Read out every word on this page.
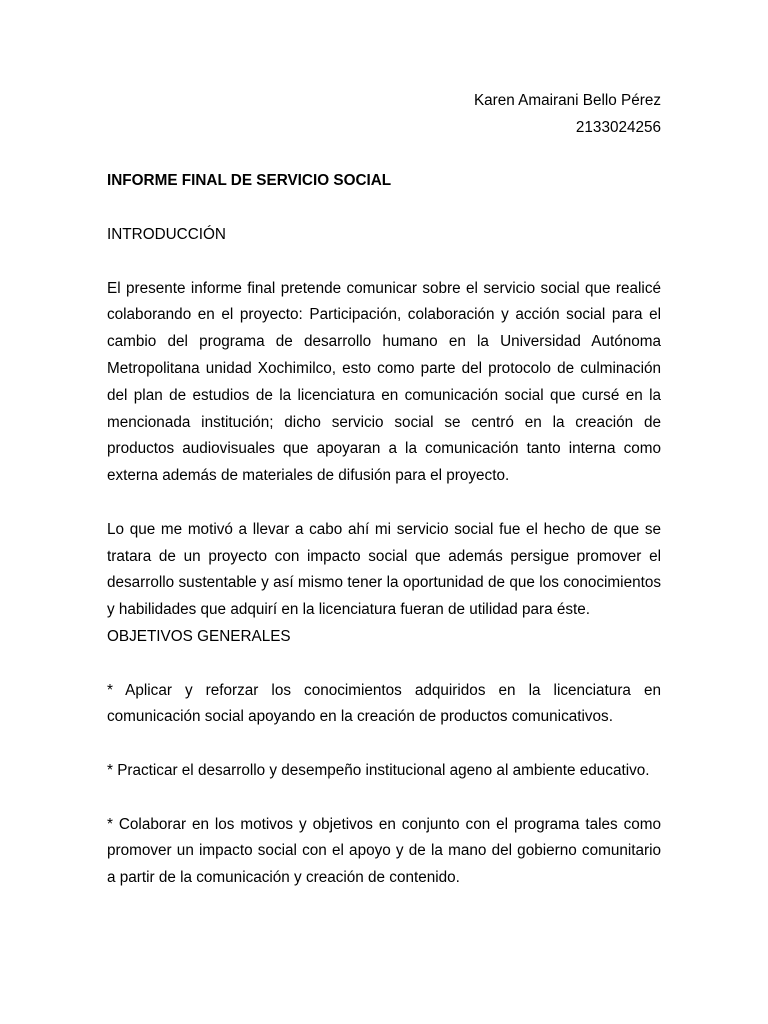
Karen Amairani Bello Pérez
2133024256
INFORME FINAL DE SERVICIO SOCIAL
INTRODUCCIÓN
El presente informe final pretende comunicar sobre el servicio social que realicé colaborando en el proyecto: Participación, colaboración y acción social para el cambio del programa de desarrollo humano en la Universidad Autónoma Metropolitana unidad Xochimilco, esto como parte del protocolo de culminación del plan de estudios de la licenciatura en comunicación social que cursé en la mencionada institución; dicho servicio social se centró en la creación de productos audiovisuales que apoyaran a la comunicación tanto interna como externa además de materiales de difusión para el proyecto.
Lo que me motivó a llevar a cabo ahí mi servicio social fue el hecho de que se tratara de un proyecto con impacto social que además persigue promover el desarrollo sustentable y así mismo tener la oportunidad de que los conocimientos y habilidades que adquirí en la licenciatura fueran de utilidad para éste.
OBJETIVOS GENERALES
* Aplicar y reforzar los conocimientos adquiridos en la licenciatura en comunicación social apoyando en la creación de productos comunicativos.
* Practicar el desarrollo y desempeño institucional ageno al ambiente educativo.
* Colaborar en los motivos y objetivos en conjunto con el programa tales como promover un impacto social con el apoyo y de la mano del gobierno comunitario a partir de la comunicación y creación de contenido.
